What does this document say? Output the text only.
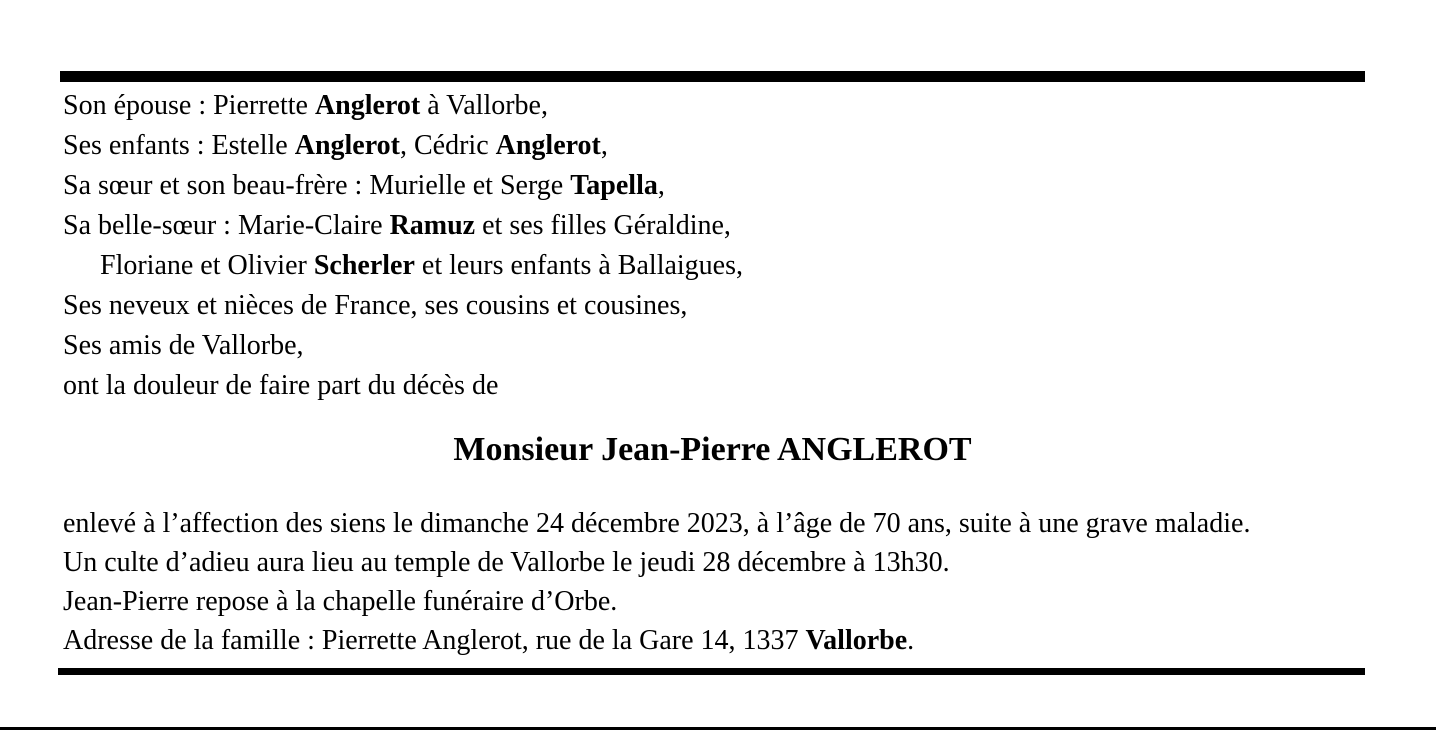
Son épouse : Pierrette Anglerot à Vallorbe,
Ses enfants : Estelle Anglerot, Cédric Anglerot,
Sa sœur et son beau-frère : Murielle et Serge Tapella,
Sa belle-sœur : Marie-Claire Ramuz et ses filles Géraldine,
Floriane et Olivier Scherler et leurs enfants à Ballaigues,
Ses neveux et nièces de France, ses cousins et cousines,
Ses amis de Vallorbe,
ont la douleur de faire part du décès de
Monsieur Jean-Pierre ANGLEROT
enlevé à l’affection des siens le dimanche 24 décembre 2023, à l’âge de 70 ans, suite à une grave maladie.
Un culte d’adieu aura lieu au temple de Vallorbe le jeudi 28 décembre à 13h30.
Jean-Pierre repose à la chapelle funéraire d’Orbe.
Adresse de la famille : Pierrette Anglerot, rue de la Gare 14, 1337 Vallorbe.
